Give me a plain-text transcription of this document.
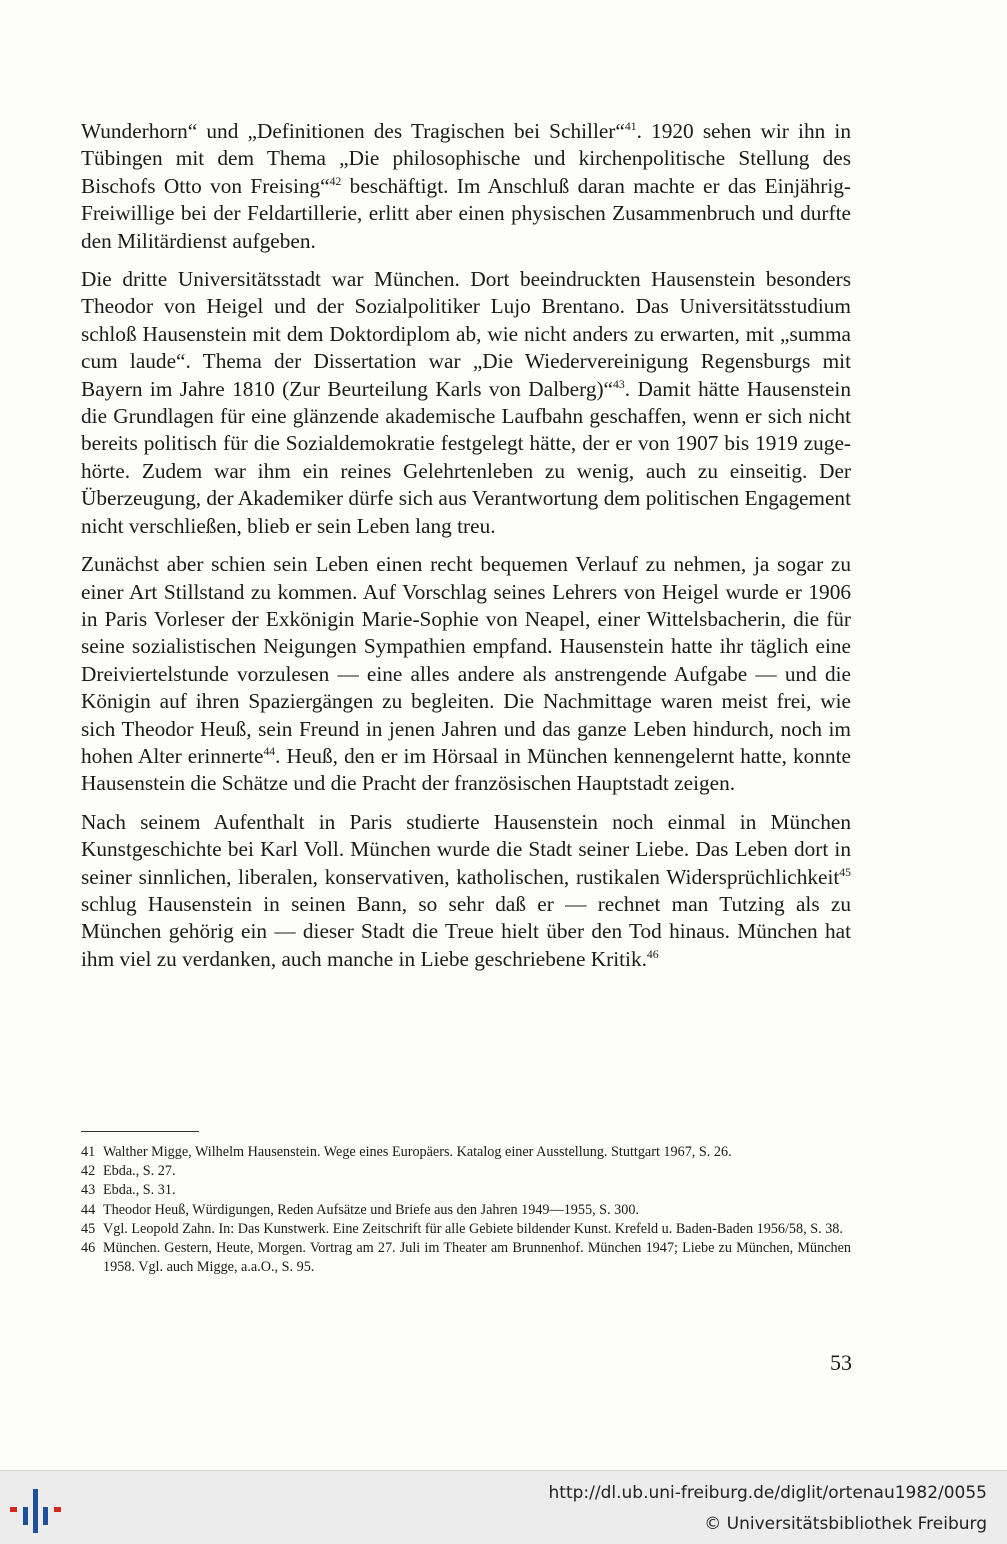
Wunderhorn“ und „Definitionen des Tragischen bei Schiller“$^{41}$. 1920 sehen wir ihn in Tübingen mit dem Thema „Die philosophische und kirchenpolitische Stellung des Bischofs Otto von Freising“$^{42}$ beschäftigt. Im Anschluß daran machte er das Einjährig-Freiwillige bei der Feldartillerie, erlitt aber einen physischen Zusammenbruch und durfte den Militärdienst aufgeben.

Die dritte Universitätsstadt war München. Dort beeindruckten Hausenstein besonders Theodor von Heigel und der Sozialpolitiker Lujo Brentano. Das Universitätsstudium schloß Hausenstein mit dem Doktordiplom ab, wie nicht anders zu erwarten, mit „summa cum laude“. Thema der Dissertation war „Die Wiedervereinigung Regensburgs mit Bayern im Jahre 1810 (Zur Beurteilung Karls von Dalberg)“$^{43}$. Damit hätte Hausenstein die Grundlagen für eine glänzende akademische Laufbahn geschaffen, wenn er sich nicht bereits politisch für die Sozialdemokratie festgelegt hätte, der er von 1907 bis 1919 zugehörte. Zudem war ihm ein reines Gelehrtenleben zu wenig, auch zu einseitig. Der Überzeugung, der Akademiker dürfe sich aus Verantwortung dem politischen Engagement nicht verschließen, blieb er sein Leben lang treu.

Zunächst aber schien sein Leben einen recht bequemen Verlauf zu nehmen, ja sogar zu einer Art Stillstand zu kommen. Auf Vorschlag seines Lehrers von Heigel wurde er 1906 in Paris Vorleser der Exkönigin Marie-Sophie von Neapel, einer Wittelsbacherin, die für seine sozialistischen Neigungen Sympathien empfand. Hausenstein hatte ihr täglich eine Dreiviertelstunde vorzulesen — eine alles andere als anstrengende Aufgabe — und die Königin auf ihren Spaziergängen zu begleiten. Die Nachmittage waren meist frei, wie sich Theodor Heuß, sein Freund in jenen Jahren und das ganze Leben hindurch, noch im hohen Alter erinnerte$^{44}$. Heuß, den er im Hörsaal in München kennengelernt hatte, konnte Hausenstein die Schätze und die Pracht der französischen Hauptstadt zeigen.

Nach seinem Aufenthalt in Paris studierte Hausenstein noch einmal in München Kunstgeschichte bei Karl Voll. München wurde die Stadt seiner Liebe. Das Leben dort in seiner sinnlichen, liberalen, konservativen, katholischen, rustikalen Widersprüchlichkeit$^{45}$ schlug Hausenstein in seinen Bann, so sehr daß er — rechnet man Tutzing als zu München gehörig ein — dieser Stadt die Treue hielt über den Tod hinaus. München hat ihm viel zu verdanken, auch manche in Liebe geschriebene Kritik.$^{46}$

41 Walther Migge, Wilhelm Hausenstein. Wege eines Europäers. Katalog einer Ausstellung. Stuttgart 1967, S. 26.
42 Ebda., S. 27.
43 Ebda., S. 31.
44 Theodor Heuß, Würdigungen, Reden Aufsätze und Briefe aus den Jahren 1949—1955, S. 300.
45 Vgl. Leopold Zahn. In: Das Kunstwerk. Eine Zeitschrift für alle Gebiete bildender Kunst. Krefeld u. Baden-Baden 1956/58, S. 38.
46 München. Gestern, Heute, Morgen. Vortrag am 27. Juli im Theater am Brunnenhof. München 1947; Liebe zu München, München 1958. Vgl. auch Migge, a.a.O., S. 95.
53
http://dl.ub.uni-freiburg.de/diglit/ortenau1982/0055
© Universitätsbibliothek Freiburg
